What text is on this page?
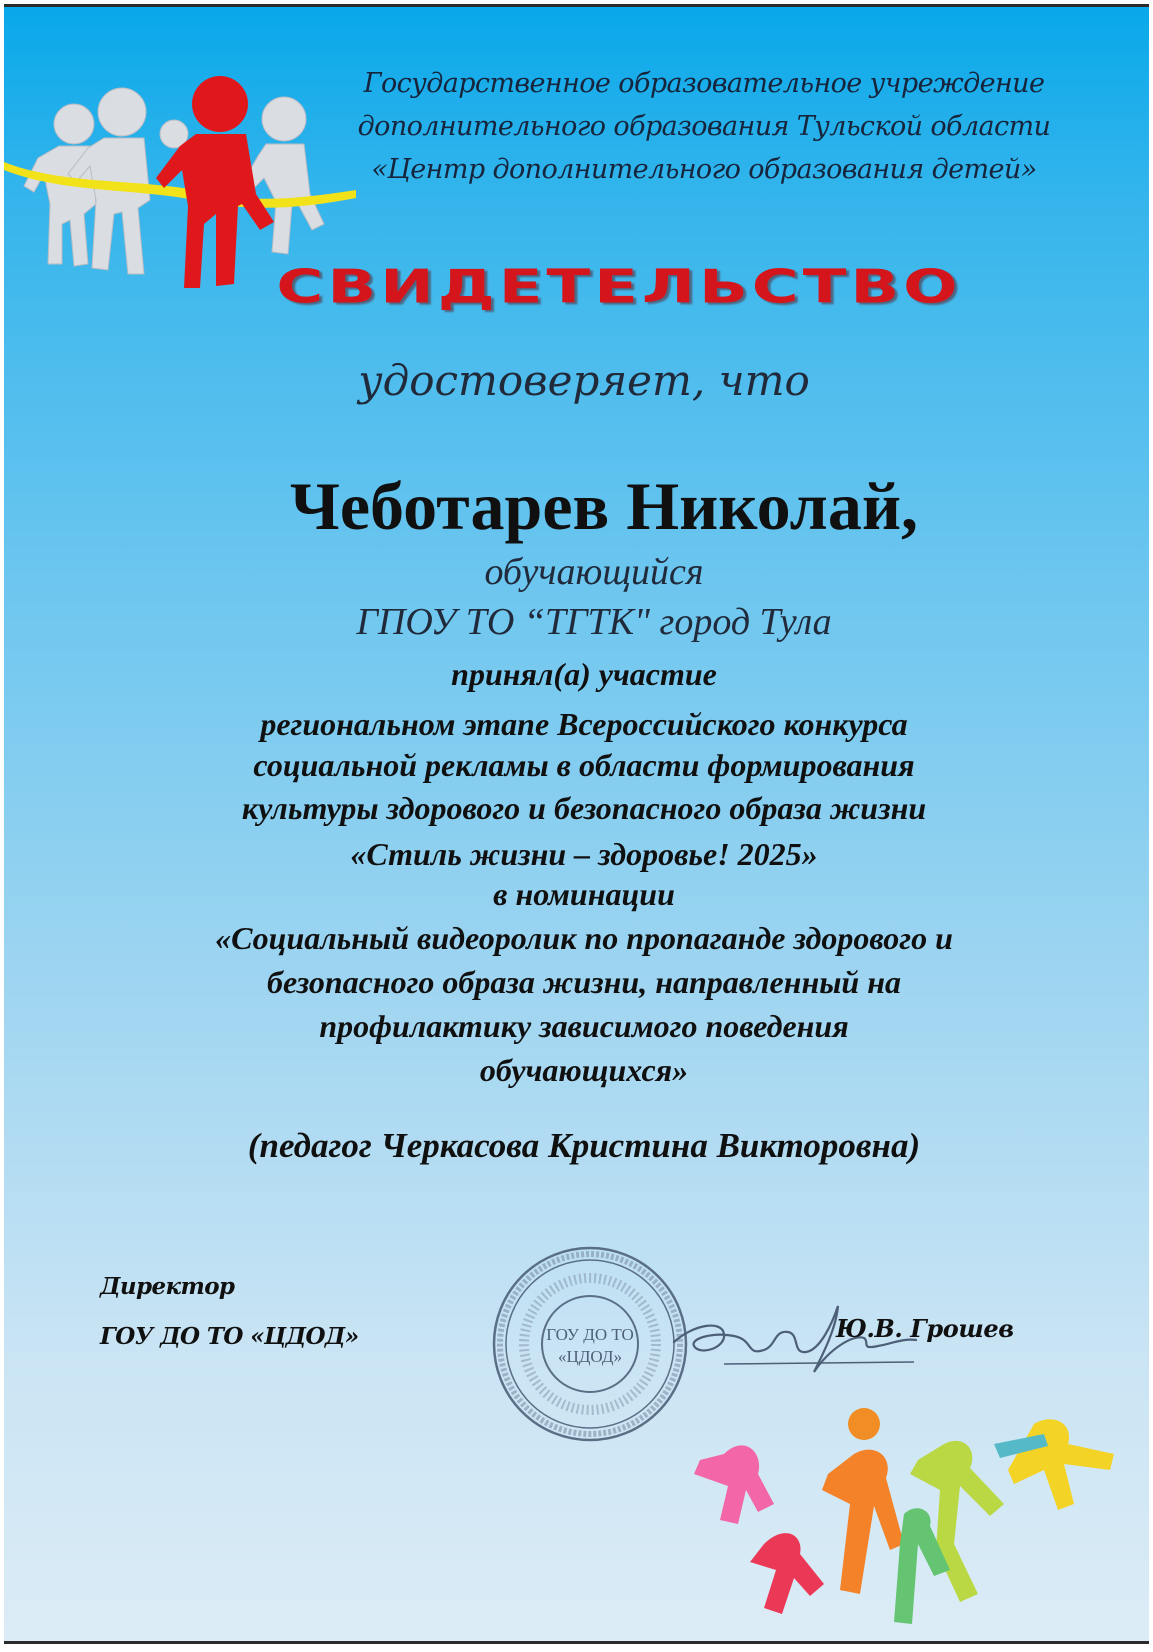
Государственное образовательное учреждение
дополнительного образования Тульской области
«Центр дополнительного образования детей»
СВИДЕТЕЛЬСТВО
удостоверяет, что
Чеботарев Николай,
обучающийся
ГПОУ ТО “ТГТК" город Тула
принял(а) участие
региональном этапе Всероссийского конкурса
социальной рекламы в области формирования
культуры здорового и безопасного образа жизни
«Стиль жизни – здоровье! 2025»
в номинации
«Социальный видеоролик по пропаганде здорового и
безопасного образа жизни, направленный на
профилактику зависимого поведения
обучающихся»
(педагог Черкасова Кристина Викторовна)
Директор
ГОУ ДО ТО «ЦДОД»	ГОУ ДО ТО
«ЦДОД»
Ю.В. Грошев
